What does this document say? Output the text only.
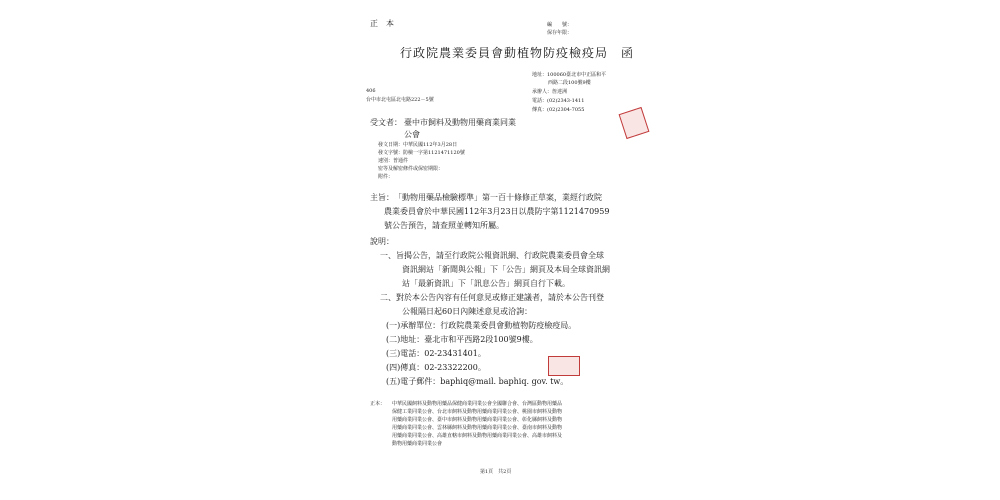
正　本	編　　號：
保存年限：
行政院農業委員會動植物防疫檢疫局　函
地址：100060臺北市中正區和平
西路二段100號9樓
承辦人：詹達洲
電話：(02)2343-1411
傳真：(02)2304-7055
406
台中市北屯區北屯路222－5號
受文者： 臺中市飼料及動物用藥商業同業
公會
發文日期：中華民國112年3月28日
發文字號：防檢一字第1121471120號
速別：普通件
密等及解密條件或保密期限：
附件：
主旨： 「動物用藥品檢驗標準」第一百十條修正草案，業經行政院
農業委員會於中華民國112年3月23日以農防字第1121470959
號公告預告，請查照並轉知所屬。
說明：
一、旨揭公告，請至行政院公報資訊網、行政院農業委員會全球
資訊網站「新聞與公報」下「公告」網頁及本局全球資訊網
站「最新資訊」下「訊息公告」網頁自行下載。
二、對於本公告內容有任何意見或修正建議者，請於本公告刊登
公報隔日起60日內陳述意見或洽詢：
(一)承辦單位：行政院農業委員會動植物防疫檢疫局。
(二)地址：臺北市和平西路2段100號9樓。
(三)電話：02-23431401。
(四)傳真：02-23322200。
(五)電子郵件：baphiq@mail. baphiq. gov. tw。
正本： 中華民國飼料及動物用藥品保健商業同業公會全國聯合會、台灣區動物用藥品
保健工業同業公會、台北市飼料及動物用藥商業同業公會、桃園市飼料及動物
用藥商業同業公會、臺中市飼料及動物用藥商業同業公會、彰化縣飼料及動物
用藥商業同業公會、雲林縣飼料及動物用藥商業同業公會、臺南市飼料及動物
用藥商業同業公會、高雄直轄市飼料及動物用藥商業同業公會、高雄市飼料及
動物用藥商業同業公會
第1頁　共2頁
